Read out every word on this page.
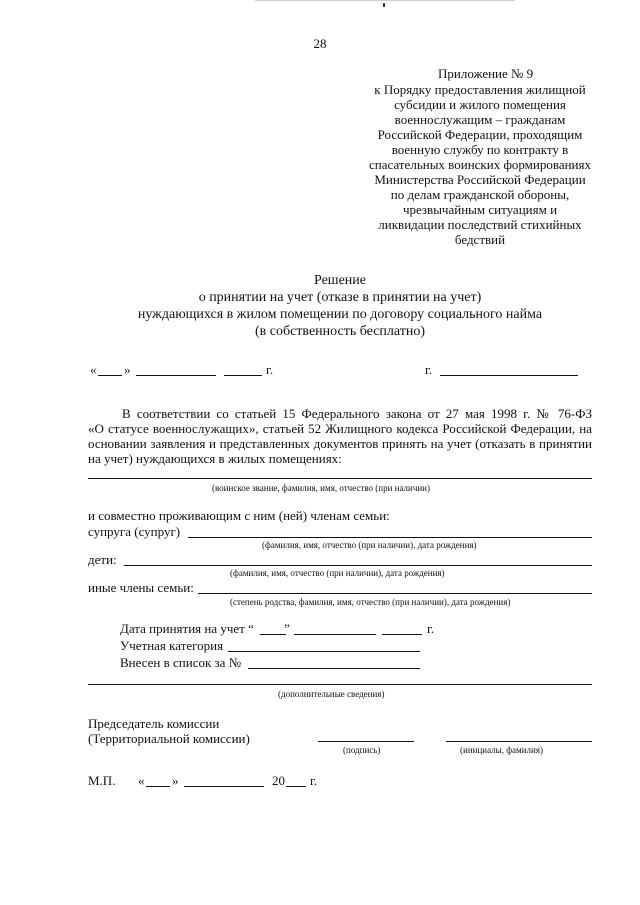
28
Приложение № 9
к Порядку предоставления жилищной
субсидии и жилого помещения
военнослужащим – гражданам
Российской Федерации, проходящим
военную службу по контракту в
спасательных воинских формированиях
Министерства Российской Федерации
по делам гражданской обороны,
чрезвычайным ситуациям и
ликвидации последствий стихийных
бедствий
Решение
о принятии на учет (отказе в принятии на учет)
нуждающихся в жилом помещении по договору социального найма
(в собственность бесплатно)
« »	г.	г.
В соответствии со статьей 15 Федерального закона от 27 мая 1998 г. № 76-ФЗ
«О статусе военнослужащих», статьей 52 Жилищного кодекса Российской Федерации, на
основании заявления и представленных документов принять на учет (отказать в принятии
на учет) нуждающихся в жилых помещениях:
(воинское звание, фамилия, имя, отчество (при наличии)
и совместно проживающим с ним (ней) членам семьи:
супруга (супруг)
(фамилия, имя, отчество (при наличии), дата рождения)
дети:
(фамилия, имя, отчество (при наличии), дата рождения)
иные члены семьи:
(степень родства, фамилия, имя, отчество (при наличии), дата рождения)
Дата принятия на учет “ ”	г.
Учетная категория
Внесен в список за №
(дополнительные сведения)
Председатель комиссии
(Территориальной комиссии)
(подпись)	(инициалы, фамилия)
М.П. « »	20 г.
